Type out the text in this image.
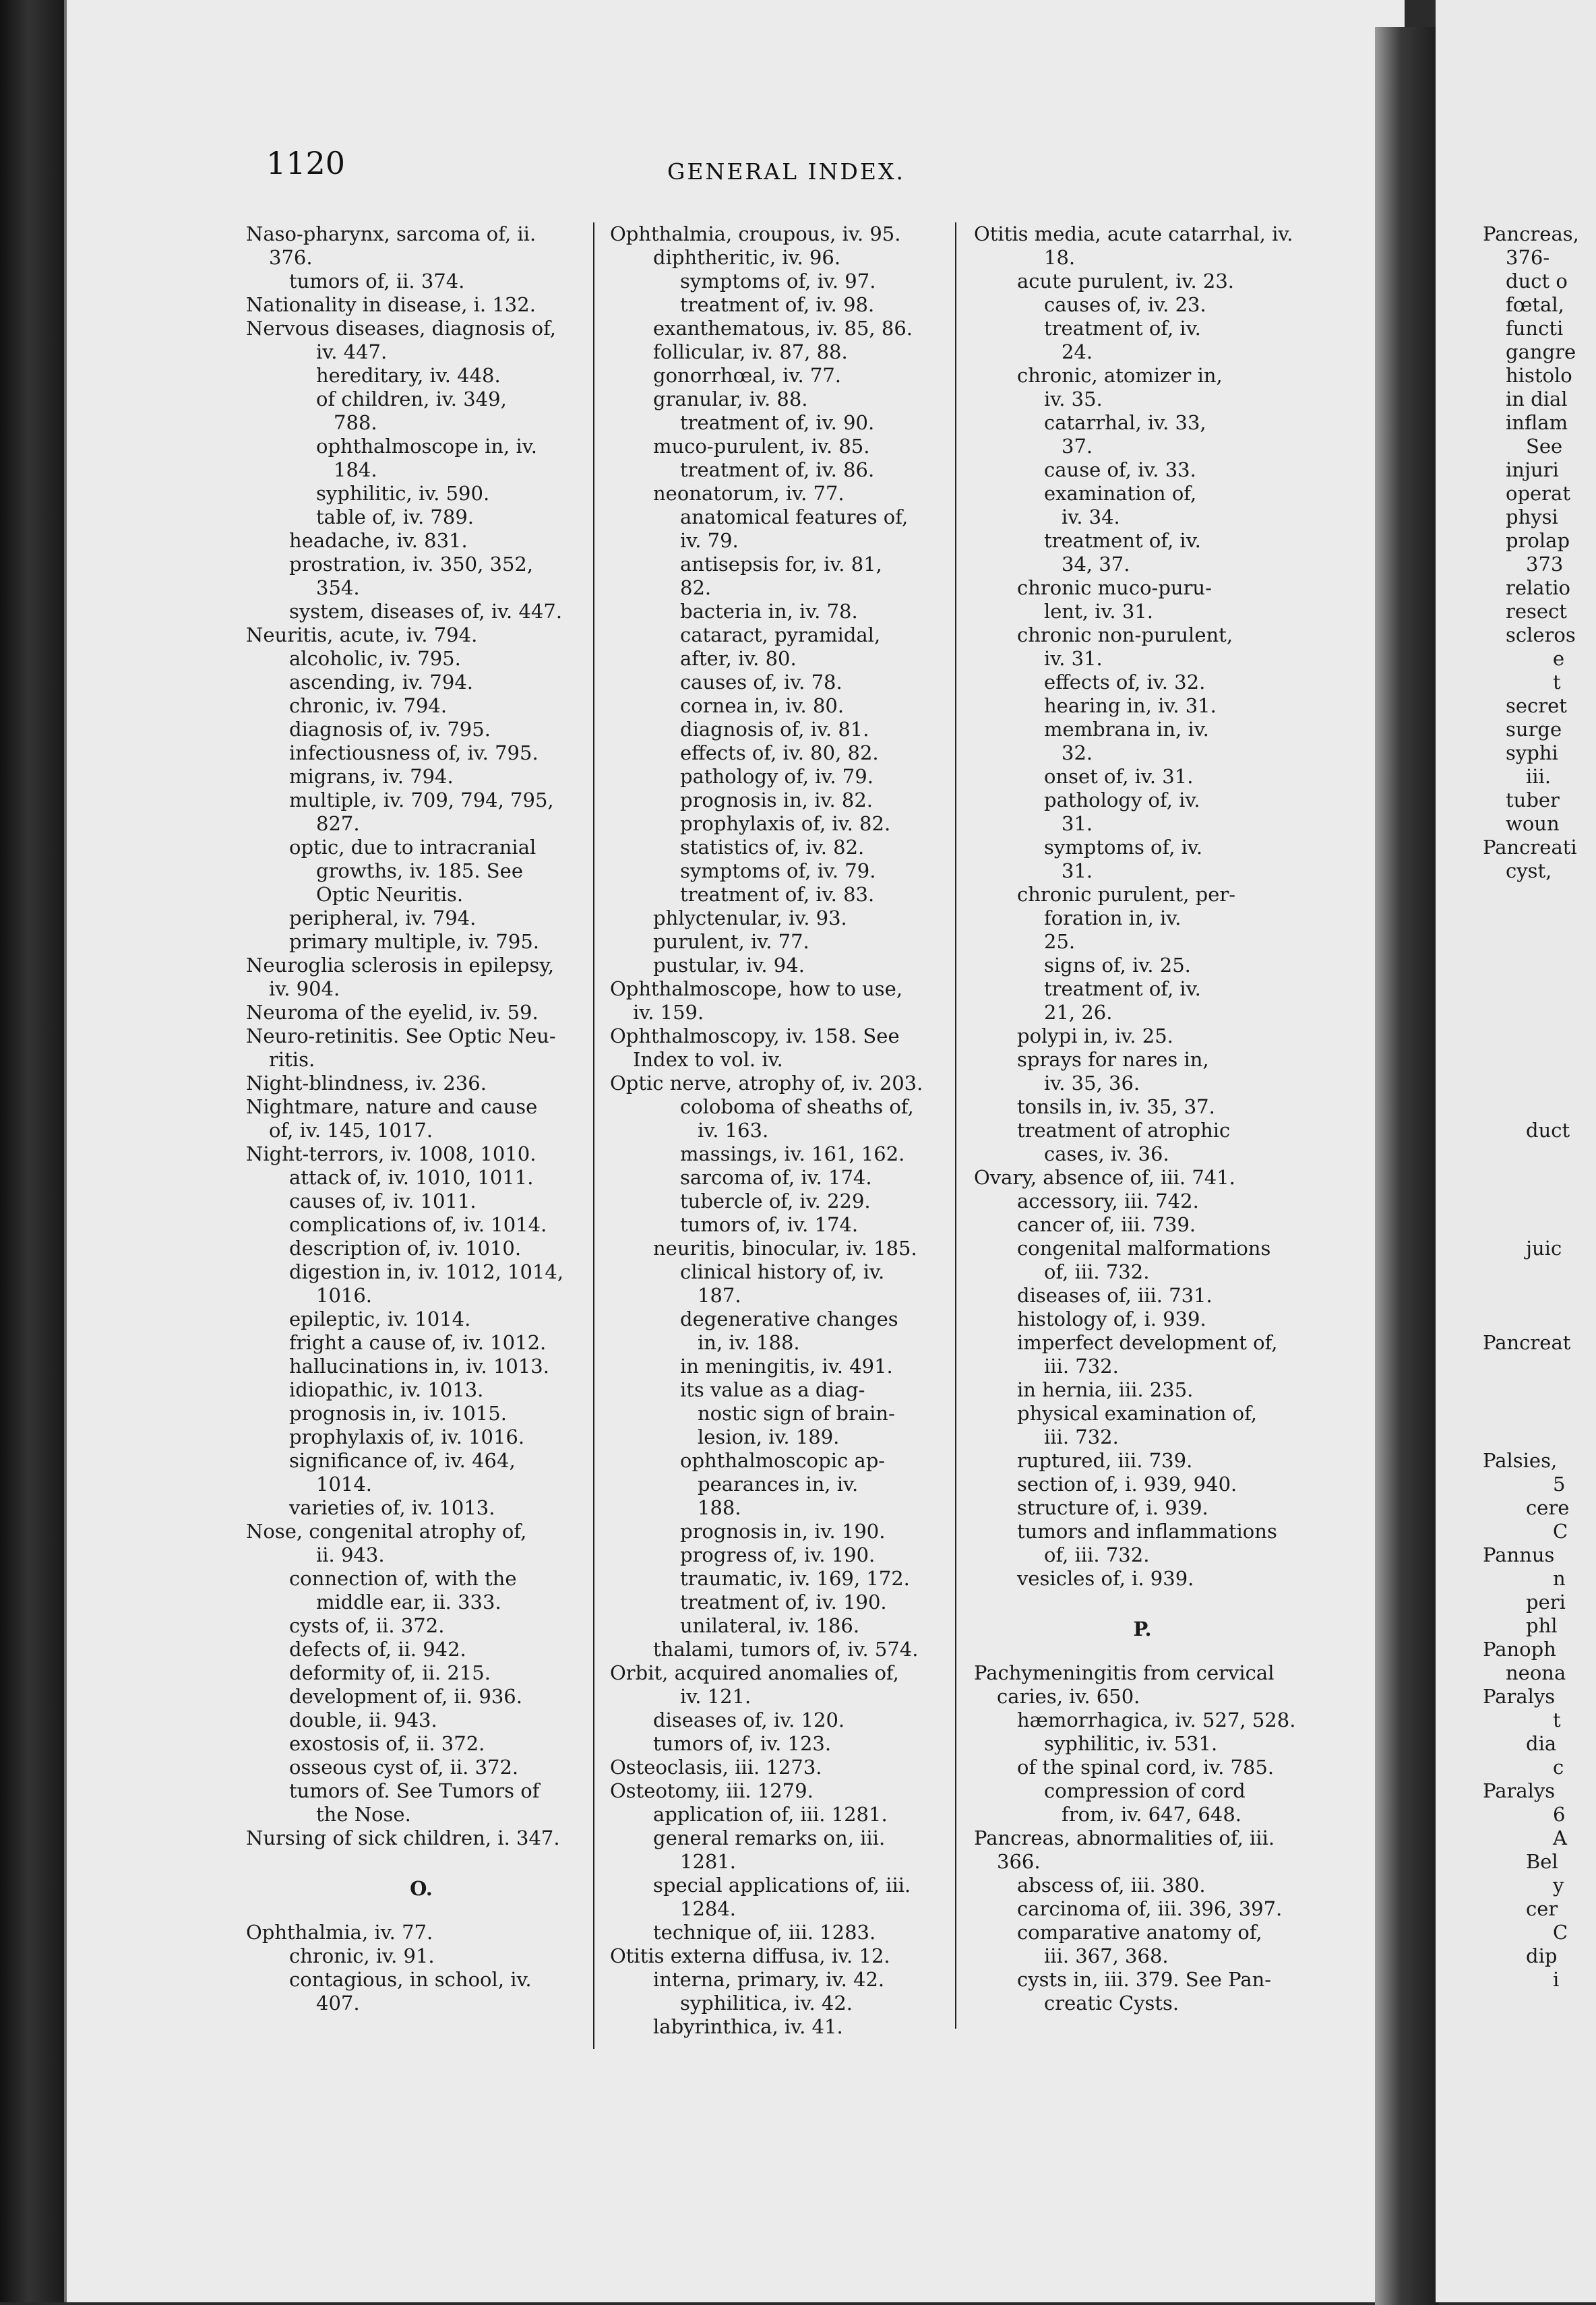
1120	GENERAL INDEX.
Naso-pharynx, sarcoma of, ii.
376.
tumors of, ii. 374.
Nationality in disease, i. 132.
Nervous diseases, diagnosis of,
iv. 447.
hereditary, iv. 448.
of children, iv. 349,
788.
ophthalmoscope in, iv.
184.
syphilitic, iv. 590.
table of, iv. 789.
headache, iv. 831.
prostration, iv. 350, 352,
354.
system, diseases of, iv. 447.
Neuritis, acute, iv. 794.
alcoholic, iv. 795.
ascending, iv. 794.
chronic, iv. 794.
diagnosis of, iv. 795.
infectiousness of, iv. 795.
migrans, iv. 794.
multiple, iv. 709, 794, 795,
827.
optic, due to intracranial
growths, iv. 185. See
Optic Neuritis.
peripheral, iv. 794.
primary multiple, iv. 795.
Neuroglia sclerosis in epilepsy,
iv. 904.
Neuroma of the eyelid, iv. 59.
Neuro-retinitis. See Optic Neu-
ritis.
Night-blindness, iv. 236.
Nightmare, nature and cause
of, iv. 145, 1017.
Night-terrors, iv. 1008, 1010.
attack of, iv. 1010, 1011.
causes of, iv. 1011.
complications of, iv. 1014.
description of, iv. 1010.
digestion in, iv. 1012, 1014,
1016.
epileptic, iv. 1014.
fright a cause of, iv. 1012.
hallucinations in, iv. 1013.
idiopathic, iv. 1013.
prognosis in, iv. 1015.
prophylaxis of, iv. 1016.
significance of, iv. 464,
1014.
varieties of, iv. 1013.
Nose, congenital atrophy of,
ii. 943.
connection of, with the
middle ear, ii. 333.
cysts of, ii. 372.
defects of, ii. 942.
deformity of, ii. 215.
development of, ii. 936.
double, ii. 943.
exostosis of, ii. 372.
osseous cyst of, ii. 372.
tumors of. See Tumors of
the Nose.
Nursing of sick children, i. 347.
O.
Ophthalmia, iv. 77.
chronic, iv. 91.
contagious, in school, iv.
407.
Ophthalmia, croupous, iv. 95.
diphtheritic, iv. 96.
symptoms of, iv. 97.
treatment of, iv. 98.
exanthematous, iv. 85, 86.
follicular, iv. 87, 88.
gonorrhœal, iv. 77.
granular, iv. 88.
treatment of, iv. 90.
muco-purulent, iv. 85.
treatment of, iv. 86.
neonatorum, iv. 77.
anatomical features of,
iv. 79.
antisepsis for, iv. 81,
82.
bacteria in, iv. 78.
cataract, pyramidal,
after, iv. 80.
causes of, iv. 78.
cornea in, iv. 80.
diagnosis of, iv. 81.
effects of, iv. 80, 82.
pathology of, iv. 79.
prognosis in, iv. 82.
prophylaxis of, iv. 82.
statistics of, iv. 82.
symptoms of, iv. 79.
treatment of, iv. 83.
phlyctenular, iv. 93.
purulent, iv. 77.
pustular, iv. 94.
Ophthalmoscope, how to use,
iv. 159.
Ophthalmoscopy, iv. 158. See
Index to vol. iv.
Optic nerve, atrophy of, iv. 203.
coloboma of sheaths of,
iv. 163.
massings, iv. 161, 162.
sarcoma of, iv. 174.
tubercle of, iv. 229.
tumors of, iv. 174.
neuritis, binocular, iv. 185.
clinical history of, iv.
187.
degenerative changes
in, iv. 188.
in meningitis, iv. 491.
its value as a diag-
nostic sign of brain-
lesion, iv. 189.
ophthalmoscopic ap-
pearances in, iv.
188.
prognosis in, iv. 190.
progress of, iv. 190.
traumatic, iv. 169, 172.
treatment of, iv. 190.
unilateral, iv. 186.
thalami, tumors of, iv. 574.
Orbit, acquired anomalies of,
iv. 121.
diseases of, iv. 120.
tumors of, iv. 123.
Osteoclasis, iii. 1273.
Osteotomy, iii. 1279.
application of, iii. 1281.
general remarks on, iii.
1281.
special applications of, iii.
1284.
technique of, iii. 1283.
Otitis externa diffusa, iv. 12.
interna, primary, iv. 42.
syphilitica, iv. 42.
labyrinthica, iv. 41.
Otitis media, acute catarrhal, iv.
18.
acute purulent, iv. 23.
causes of, iv. 23.
treatment of, iv.
24.
chronic, atomizer in,
iv. 35.
catarrhal, iv. 33,
37.
cause of, iv. 33.
examination of,
iv. 34.
treatment of, iv.
34, 37.
chronic muco-puru-
lent, iv. 31.
chronic non-purulent,
iv. 31.
effects of, iv. 32.
hearing in, iv. 31.
membrana in, iv.
32.
onset of, iv. 31.
pathology of, iv.
31.
symptoms of, iv.
31.
chronic purulent, per-
foration in, iv.
25.
signs of, iv. 25.
treatment of, iv.
21, 26.
polypi in, iv. 25.
sprays for nares in,
iv. 35, 36.
tonsils in, iv. 35, 37.
treatment of atrophic
cases, iv. 36.
Ovary, absence of, iii. 741.
accessory, iii. 742.
cancer of, iii. 739.
congenital malformations
of, iii. 732.
diseases of, iii. 731.
histology of, i. 939.
imperfect development of,
iii. 732.
in hernia, iii. 235.
physical examination of,
iii. 732.
ruptured, iii. 739.
section of, i. 939, 940.
structure of, i. 939.
tumors and inflammations
of, iii. 732.
vesicles of, i. 939.
P.
Pachymeningitis from cervical
caries, iv. 650.
hæmorrhagica, iv. 527, 528.
syphilitic, iv. 531.
of the spinal cord, iv. 785.
compression of cord
from, iv. 647, 648.
Pancreas, abnormalities of, iii.
366.
abscess of, iii. 380.
carcinoma of, iii. 396, 397.
comparative anatomy of,
iii. 367, 368.
cysts in, iii. 379. See Pan-
creatic Cysts.
Pancreas,
376-
duct o
fœtal,
functi
gangre
histolo
in dial
inflam
See
injuri
operat
physi
prolap
373
relatio
resect
scleros
e
t
secret
surge
syphi
iii.
tuber
woun
Pancreati
cyst,

duct

juic

Pancreat

Palsies,
5
cere
C
Pannus
n
peri
phl
Panoph
neona
Paralys
t
dia
c
Paralys
6
A
Bel
y
cer
C
dip
i
